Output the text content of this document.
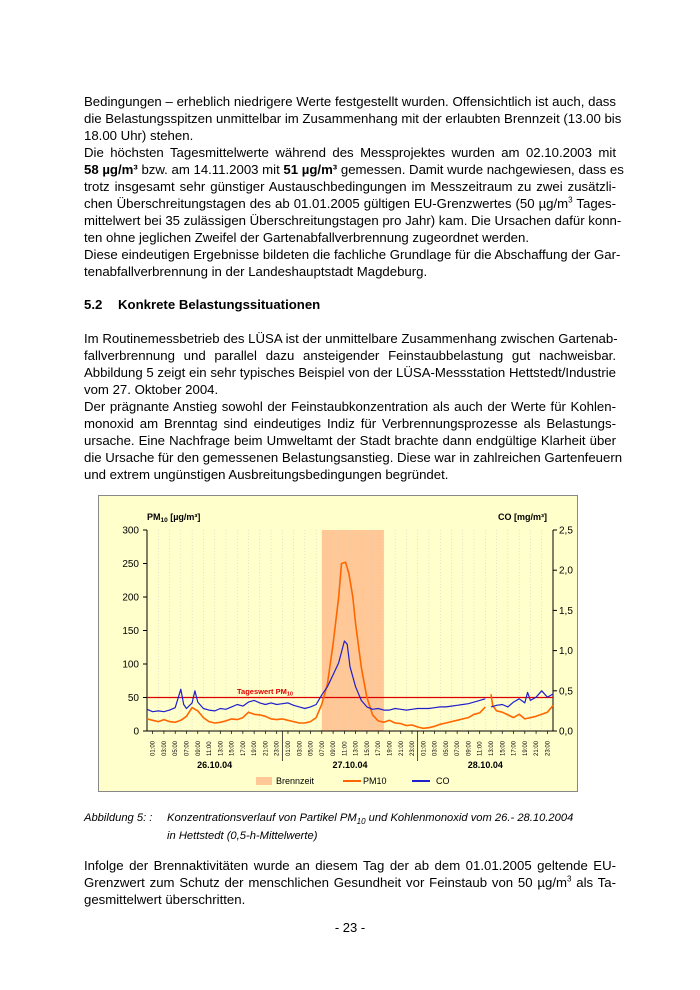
Bedingungen – erheblich niedrigere Werte festgestellt wurden. Offensichtlich ist auch, dass
die Belastungsspitzen unmittelbar im Zusammenhang mit der erlaubten Brennzeit (13.00 bis
18.00 Uhr) stehen.
Die höchsten Tagesmittelwerte während des Messprojektes wurden am 02.10.2003 mit
58 µg/m³ bzw. am 14.11.2003 mit 51 µg/m³ gemessen. Damit wurde nachgewiesen, dass es
trotz insgesamt sehr günstiger Austauschbedingungen im Messzeitraum zu zwei zusätzli-
chen Überschreitungstagen des ab 01.01.2005 gültigen EU-Grenzwertes (50 $\mu g/m^3$ Tages-
mittelwert bei 35 zulässigen Überschreitungstagen pro Jahr) kam. Die Ursachen dafür konn-
ten ohne jeglichen Zweifel der Gartenabfallverbrennung zugeordnet werden.
Diese eindeutigen Ergebnisse bildeten die fachliche Grundlage für die Abschaffung der Gar-
tenabfallverbrennung in der Landeshauptstadt Magdeburg.
5.2 Konkrete Belastungssituationen
Im Routinemessbetrieb des LÜSA ist der unmittelbare Zusammenhang zwischen Gartenab-
fallverbrennung und parallel dazu ansteigender Feinstaubbelastung gut nachweisbar.
Abbildung 5 zeigt ein sehr typisches Beispiel von der LÜSA-Messstation Hettstedt/Industrie
vom 27. Oktober 2004.
Der prägnante Anstieg sowohl der Feinstaubkonzentration als auch der Werte für Kohlen-
monoxid am Brenntag sind eindeutiges Indiz für Verbrennungsprozesse als Belastungs-
ursache. Eine Nachfrage beim Umweltamt der Stadt brachte dann endgültige Klarheit über
die Ursache für den gemessenen Belastungsanstieg. Diese war in zahlreichen Gartenfeuern
und extrem ungünstigen Ausbreitungsbedingungen begründet.
0
50
100
150
200
250
300
0,0
0,5
1,0
1,5
2,0
2,5
01:00 03:00 05:00 07:00 09:00 11:00 13:00 15:00 17:00 19:00 21:00 23:00 01:00 03:00 05:00 07:00 09:00 11:00 13:00 15:00 17:00 19:00 21:00 23:00 01:00 03:00 05:00 07:00 09:00 11:00 13:00 15:00 17:00 19:00 21:00 23:00
26.10.04	27.10.04	28.10.04
$PM_{10}$ [µg/m³]	CO [mg/m³]
Tageswert $PM_{10}$
Brennzeit	PM10	CO
Abbildung 5: : Konzentrationsverlauf von Partikel $PM_{10}$ und Kohlenmonoxid vom 26.- 28.10.2004
in Hettstedt (0,5-h-Mittelwerte)
Infolge der Brennaktivitäten wurde an diesem Tag der ab dem 01.01.2005 geltende EU-
Grenzwert zum Schutz der menschlichen Gesundheit vor Feinstaub von 50 $\mu g/m^3$ als Ta-
gesmittelwert überschritten.
- 23 -
